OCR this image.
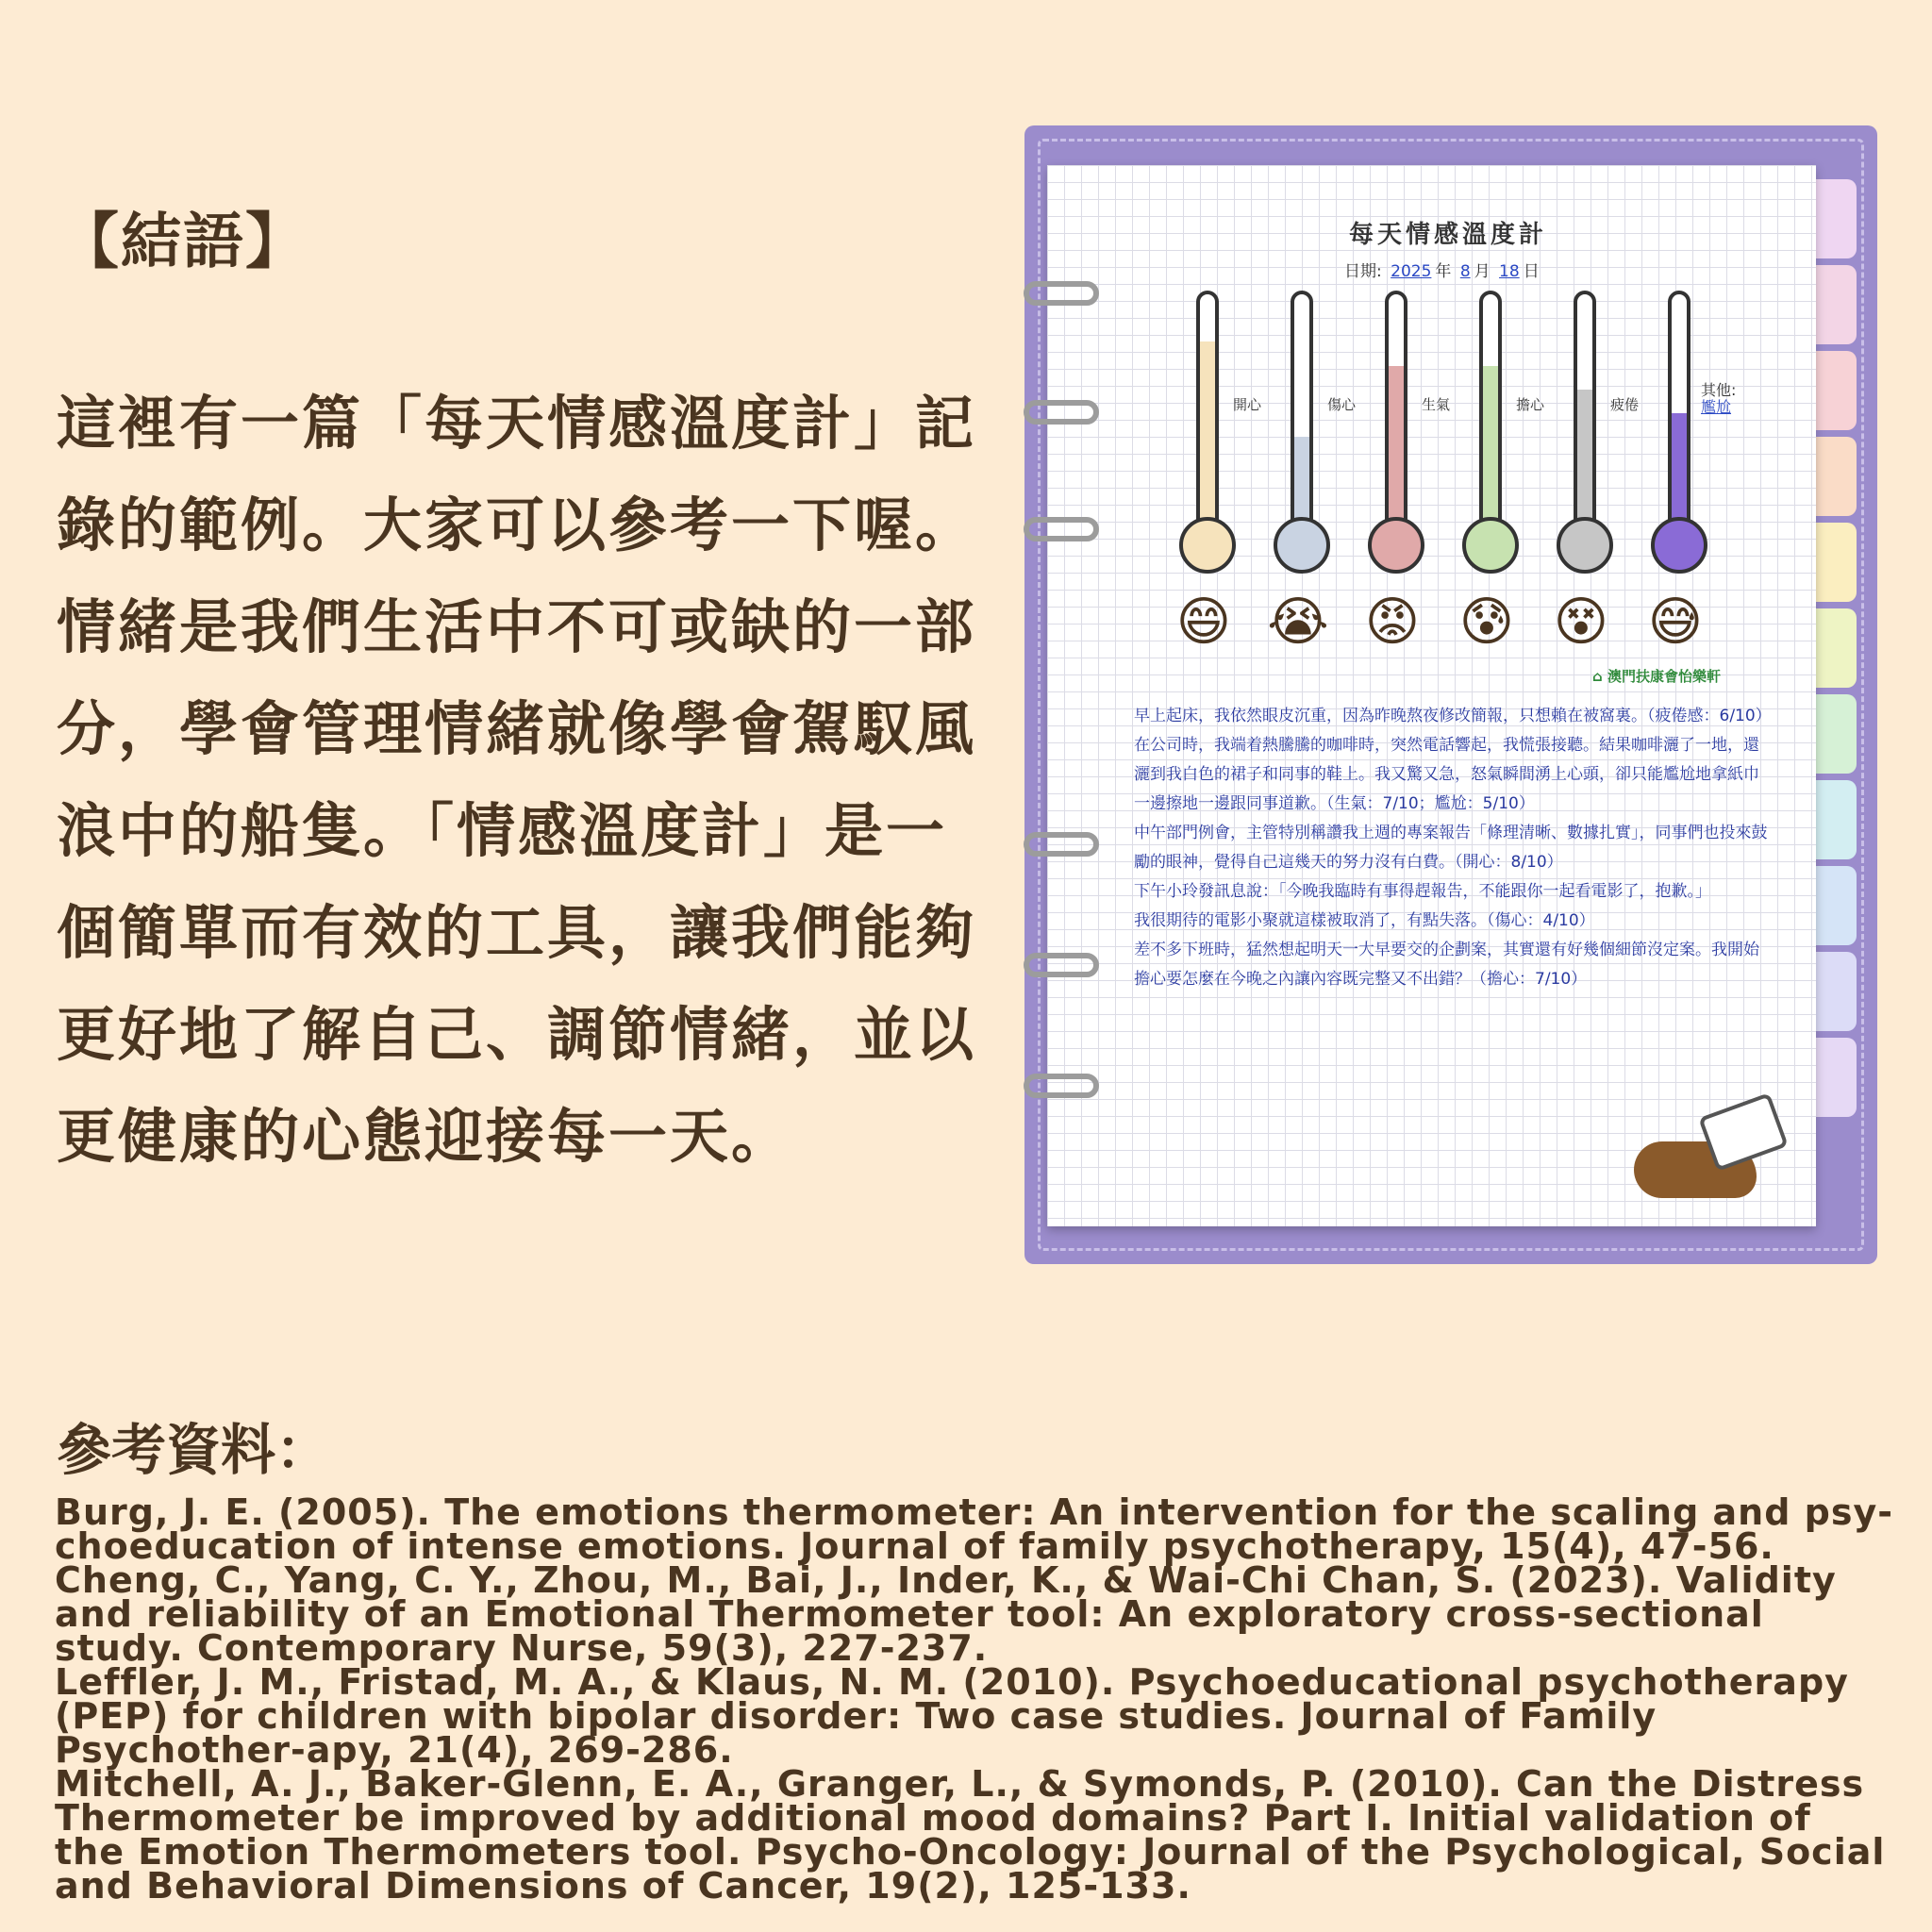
【結語】
這裡有一篇「每天情感溫度計」記
錄的範例。大家可以參考一下喔。
情緒是我們生活中不可或缺的一部
分，學會管理情緒就像學會駕馭風
浪中的船隻。「情感溫度計」是一
個簡單而有效的工具，讓我們能夠
更好地了解自己、調節情緒，並以
更健康的心態迎接每一天。
每天情感溫度計
日期: 2025 年 8 月 18 日
開心	傷心	生氣	擔心	疲倦
其他:
尷尬
😄 😭 😡 😰 😵 😅
⌂ 澳門扶康會怡樂軒

早上起床，我依然眼皮沉重，因為昨晚熬夜修改簡報，只想賴在被窩裏。（疲倦感：6/10）

在公司時，我端着熱騰騰的咖啡時，突然電話響起，我慌張接聽。結果咖啡灑了一地，還灑到我白色的裙子和同事的鞋上。我又驚又急，怒氣瞬間湧上心頭，卻只能尷尬地拿紙巾一邊擦地一邊跟同事道歉。（生氣：7/10；尷尬：5/10）

中午部門例會，主管特別稱讚我上週的專案報告「條理清晰、數據扎實」，同事們也投來鼓勵的眼神，覺得自己這幾天的努力沒有白費。（開心：8/10）

下午小玲發訊息說：「今晚我臨時有事得趕報告，不能跟你一起看電影了，抱歉。」

我很期待的電影小聚就這樣被取消了，有點失落。（傷心：4/10）

差不多下班時，猛然想起明天一大早要交的企劃案，其實還有好幾個細節沒定案。我開始擔心要怎麼在今晚之內讓內容既完整又不出錯？（擔心：7/10）

參考資料：

Burg, J. E. (2005). The emotions thermometer: An intervention for the scaling and psy-choeducation of intense emotions. Journal of family psychotherapy, 15(4), 47-56.

Cheng, C., Yang, C. Y., Zhou, M., Bai, J., Inder, K., & Wai-Chi Chan, S. (2023). Validity and reliability of an Emotional Thermometer tool: An exploratory cross-sectional study. Contemporary Nurse, 59(3), 227-237.

Leffler, J. M., Fristad, M. A., & Klaus, N. M. (2010). Psychoeducational psychotherapy (PEP) for children with bipolar disorder: Two case studies. Journal of Family Psychother-apy, 21(4), 269-286.

Mitchell, A. J., Baker-Glenn, E. A., Granger, L., & Symonds, P. (2010). Can the Distress Thermometer be improved by additional mood domains? Part I. Initial validation of the Emotion Thermometers tool. Psycho-Oncology: Journal of the Psychological, Social and Behavioral Dimensions of Cancer, 19(2), 125-133.
